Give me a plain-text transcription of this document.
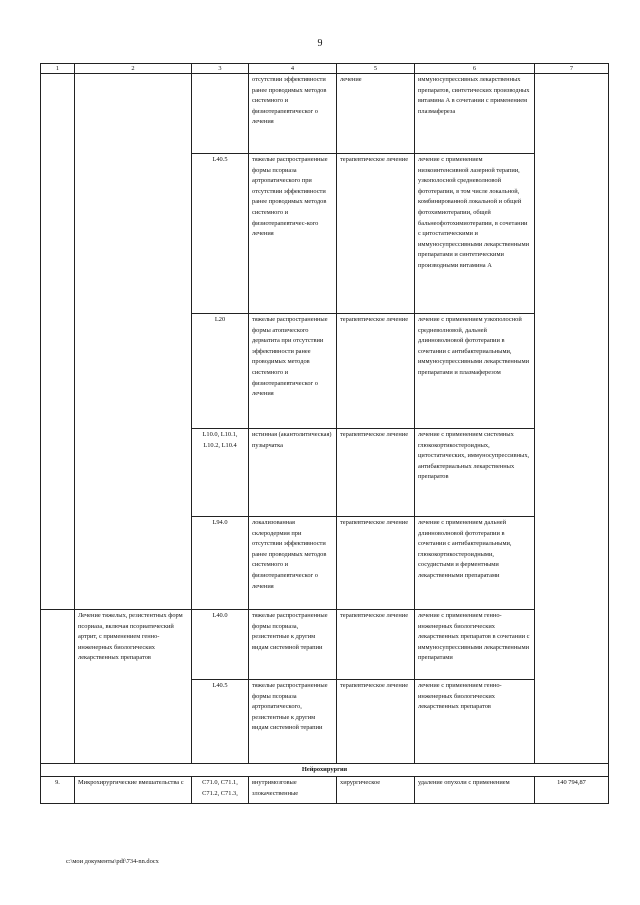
9
1	2	3	4	5	6	7
			отсутствии эффективности ранее проводимых методов системного и физиотерапевтическог о лечения	лечение	иммуносупрессивных лекарственных препаратов, синтетических производных витамина А в сочетании с применением плазмафереза	
		L40.5	тяжелые распространенные формы псориаза артропатического при отсутствии эффективности ранее проводимых методов системного и физиотерапевтичес-кого лечения	терапевтическое лечение	лечение с применением низкоинтенсивной лазерной терапии, узкополосной средневолновой фототерапии, в том числе локальной, комбинированной локальной и общей фотохимиотерапии, общей бальнеофотохимиотерапии, в сочетании с цитостатическими и иммуносупрессивными лекарственными препаратами и синтетическими производными витамина А	
		L20	тяжелые распространенные формы атопического дерматита при отсутствии эффективности ранее проводимых методов системного и физиотерапевтическог о лечения	терапевтическое лечение	лечение с применением узкополосной средневолновой, дальней длинноволновой фототерапии в сочетании с антибактериальными, иммуносупрессивными лекарственными препаратами и плазмаферезом	
		L10.0, L10.1, L10.2, L10.4	истинная (акантолитическая) пузырчатка	терапевтическое лечение	лечение с применением системных глюкокортикостероидных, цитостатических, иммуносупрессивных, антибактериальных лекарственных препаратов	
		L94.0	локализованная склеродермия при отсутствии эффективности ранее проводимых методов системного и физиотерапевтическог о лечения	терапевтическое лечение	лечение с применением дальней длинноволновой фототерапии в сочетании с антибактериальными, глюкокортикостероидными, сосудистыми и ферментными лекарственными препаратами	
	Лечение тяжелых, резистентных форм псориаза, включая псориатический артрит, с применением генно-инженерных биологических лекарственных препаратов	L40.0	тяжелые распространенные формы псориаза, резистентные к другим видам системной терапии	терапевтическое лечение	лечение с применением генно-инженерных биологических лекарственных препаратов в сочетании с иммуносупрессивными лекарственными препаратами	
		L40.5	тяжелые распространенные формы псориаза артропатического, резистентные к другим видам системной терапии	терапевтическое лечение	лечение с применением генно-инженерных биологических лекарственных препаратов	
Нейрохирургия						
9.	Микрохирургические вмешательства с	C71.0, C71.1, C71.2, C71.3,	внутримозговые злокачественные	хирургическое	удаление опухоли с применением	140 794,87
c:\мои документы\pdf\734-nn.docx
